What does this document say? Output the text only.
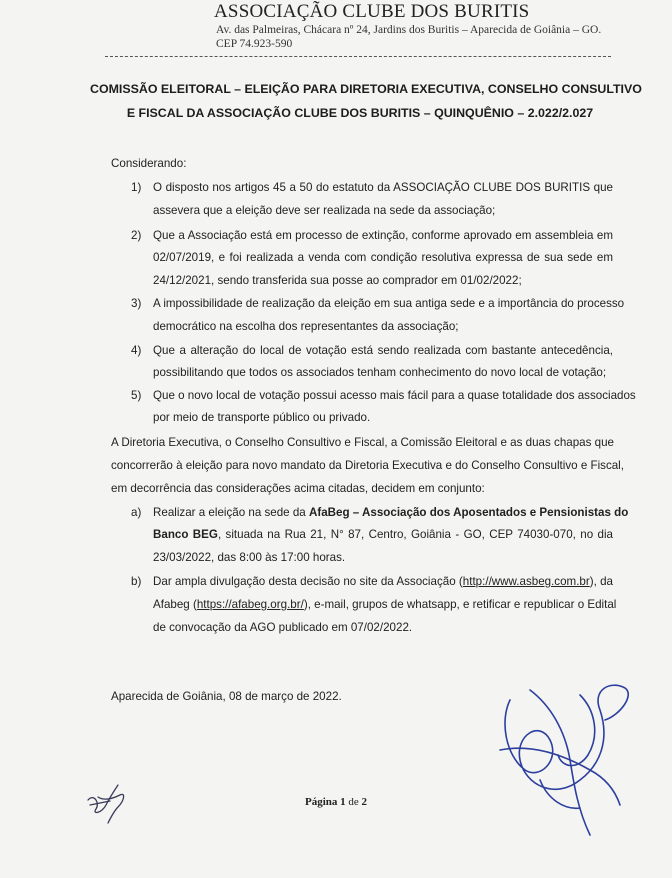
ASSOCIAÇÃO CLUBE DOS BURITIS
Av. das Palmeiras, Chácara nº 24, Jardins dos Buritis – Aparecida de Goiânia – GO.
CEP 74.923-590
COMISSÃO ELEITORAL – ELEIÇÃO PARA DIRETORIA EXECUTIVA, CONSELHO CONSULTIVO
E FISCAL DA ASSOCIAÇÃO CLUBE DOS BURITIS – QUINQUÊNIO – 2.022/2.027
Considerando:
1) O disposto nos artigos 45 a 50 do estatuto da ASSOCIAÇÃO CLUBE DOS BURITIS que
assevera que a eleição deve ser realizada na sede da associação;
2) Que a Associação está em processo de extinção, conforme aprovado em assembleia em
02/07/2019, e foi realizada a venda com condição resolutiva expressa de sua sede em
24/12/2021, sendo transferida sua posse ao comprador em 01/02/2022;
3) A impossibilidade de realização da eleição em sua antiga sede e a importância do processo
democrático na escolha dos representantes da associação;
4) Que a alteração do local de votação está sendo realizada com bastante antecedência,
possibilitando que todos os associados tenham conhecimento do novo local de votação;
5) Que o novo local de votação possui acesso mais fácil para a quase totalidade dos associados
por meio de transporte público ou privado.
A Diretoria Executiva, o Conselho Consultivo e Fiscal, a Comissão Eleitoral e as duas chapas que
concorrerão à eleição para novo mandato da Diretoria Executiva e do Conselho Consultivo e Fiscal,
em decorrência das considerações acima citadas, decidem em conjunto:
a) Realizar a eleição na sede da AfaBeg – Associação dos Aposentados e Pensionistas do
Banco BEG, situada na Rua 21, N° 87, Centro, Goiânia - GO, CEP 74030-070, no dia
23/03/2022, das 8:00 às 17:00 horas.
b) Dar ampla divulgação desta decisão no site da Associação (http://www.asbeg.com.br), da
Afabeg (https://afabeg.org.br/), e-mail, grupos de whatsapp, e retificar e republicar o Edital
de convocação da AGO publicado em 07/02/2022.
Aparecida de Goiânia, 08 de março de 2022.
Página 1 de 2
